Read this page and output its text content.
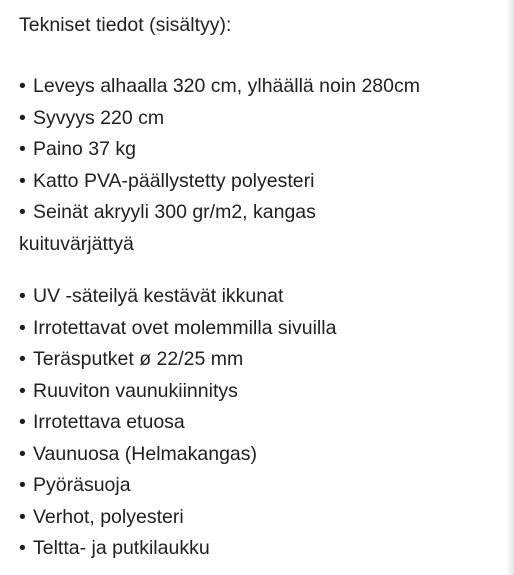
Tekniset tiedot (sisältyy):

• Leveys alhaalla 320 cm, ylhäällä noin 280cm
• Syvyys 220 cm
• Paino 37 kg
• Katto PVA-päällystetty polyesteri
• Seinät akryyli 300 gr/m2, kangas kuituvärjättyä
• UV -säteilyä kestävät ikkunat
• Irrotettavat ovet molemmilla sivuilla
• Teräsputket ø 22/25 mm
• Ruuviton vaunukiinnitys
• Irrotettava etuosa
• Vaunuosa (Helmakangas)
• Pyöräsuoja
• Verhot, polyesteri
• Teltta- ja putkilaukku
